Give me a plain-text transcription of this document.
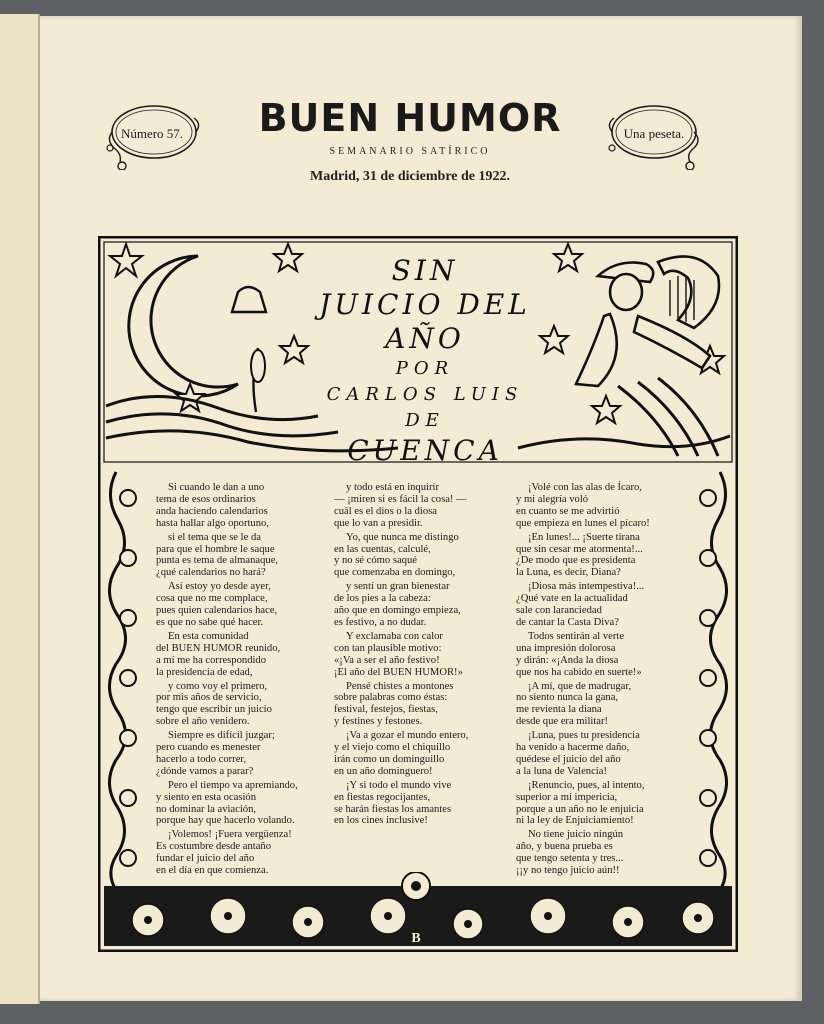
Número 57.	Una peseta.
BUEN HUMOR
SEMANARIO SATÍRICO
Madrid, 31 de diciembre de 1922.
B
SIN
JUICIO DEL
AÑO
POR
CARLOS LUIS
DE
CUENCA

Si cuando le dan a uno
tema de esos ordinarios
anda haciendo calendarios
hasta hallar algo oportuno,

si el tema que se le da
para que el hombre le saque
punta es tema de almanaque,
¿qué calendarios no hará?

Así estoy yo desde ayer,
cosa que no me complace,
pues quien calendarios hace,
es que no sabe qué hacer.

En esta comunidad
del BUEN HUMOR reunido,
a mí me ha correspondido
la presidencia de edad,

y como voy el primero,
por mis años de servicio,
tengo que escribir un juicio
sobre el año venidero.

Siempre es difícil juzgar;
pero cuando es menester
hacerlo a todo correr,
¿dónde vamos a parar?

Pero el tiempo va apremiando,
y siento en esta ocasión
no dominar la aviación,
porque hay que hacerlo volando.

¡Volemos! ¡Fuera vergüenza!
Es costumbre desde antaño
fundar el juicio del año
en el día en que comienza.

y todo está en inquirir
— ¡miren si es fácil la cosa! —
cuál es el dios o la diosa
que lo van a presidir.

Yo, que nunca me distingo
en las cuentas, calculé,
y no sé cómo saqué
que comenzaba en domingo,

y sentí un gran bienestar
de los pies a la cabeza:
año que en domingo empieza,
es festivo, a no dudar.

Y exclamaba con calor
con tan plausible motivo:
«¡Va a ser el año festivo!
¡El año del BUEN HUMOR!»

Pensé chistes a montones
sobre palabras como éstas:
festival, festejos, fiestas,
y festines y festones.

¡Va a gozar el mundo entero,
y el viejo como el chiquillo
irán como un dominguillo
en un año dominguero!

¡Y si todo el mundo vive
en fiestas regocijantes,
se harán fiestas los amantes
en los cines inclusive!

¡Volé con las alas de Ícaro,
y mi alegría voló
en cuanto se me advirtió
que empieza en lunes el pícaro!

¡En lunes!... ¡Suerte tirana
que sin cesar me atormenta!...
¿De modo que es presidenta
la Luna, es decir, Diana?

¡Diosa más intempestiva!...
¿Qué vate en la actualidad
sale con laranciedad
de cantar la Casta Diva?

Todos sentirán al verte
una impresión dolorosa
y dirán: «¡Anda la diosa
que nos ha cabido en suerte!»

¡A mí, que de madrugar,
no siento nunca la gana,
me revienta la diana
desde que era militar!

¡Luna, pues tu presidencia
ha venido a hacerme daño,
quédese el juicio del año
a la luna de Valencia!

¡Renuncio, pues, al intento,
superior a mi impericia,
porque a un año no le enjuicia
ni la ley de Enjuiciamiento!

No tiene juicio ningún
año, y buena prueba es
que tengo setenta y tres...
¡¡y no tengo juicio aún!!
